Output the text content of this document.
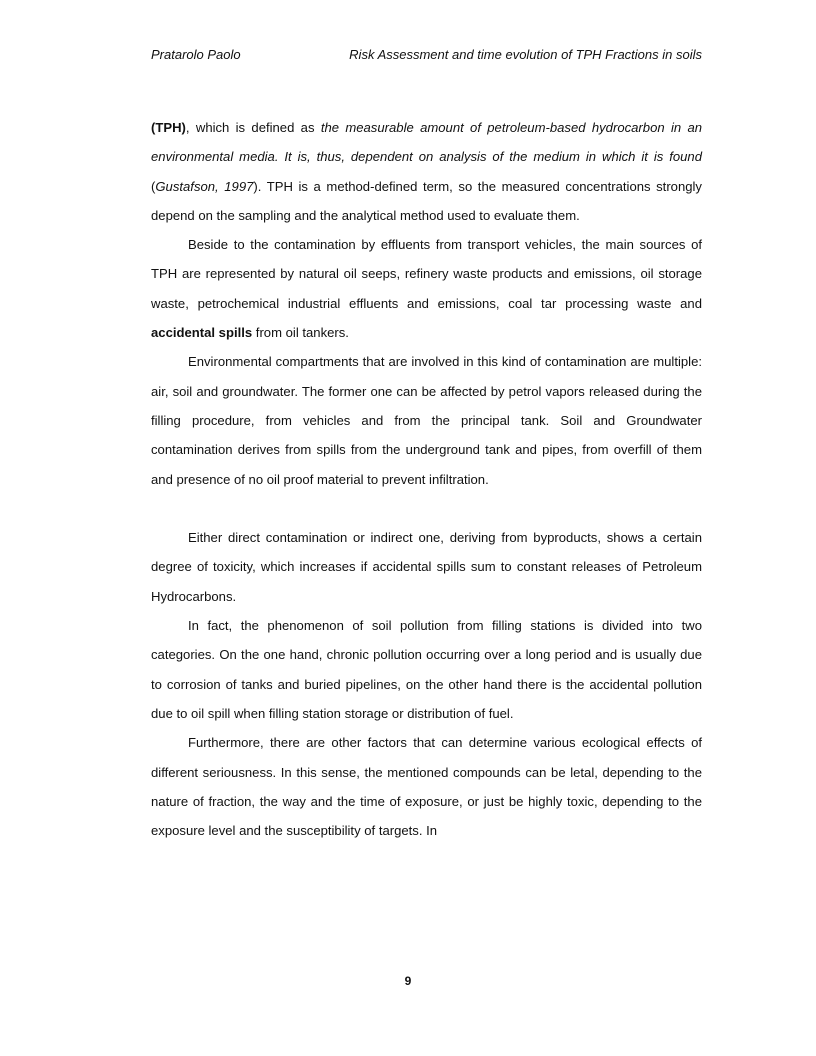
Pratarolo Paolo	Risk Assessment and time evolution of TPH Fractions in soils

(TPH), which is defined as the measurable amount of petroleum-based hydrocarbon in an environmental media. It is, thus, dependent on analysis of the medium in which it is found (Gustafson, 1997). TPH is a method-defined term, so the measured concentrations strongly depend on the sampling and the analytical method used to evaluate them.

Beside to the contamination by effluents from transport vehicles, the main sources of TPH are represented by natural oil seeps, refinery waste products and emissions, oil storage waste, petrochemical industrial effluents and emissions, coal tar processing waste and accidental spills from oil tankers.

Environmental compartments that are involved in this kind of contamination are multiple: air, soil and groundwater. The former one can be affected by petrol vapors released during the filling procedure, from vehicles and from the principal tank. Soil and Groundwater contamination derives from spills from the underground tank and pipes, from overfill of them and presence of no oil proof material to prevent infiltration.

Either direct contamination or indirect one, deriving from byproducts, shows a certain degree of toxicity, which increases if accidental spills sum to constant releases of Petroleum Hydrocarbons.

In fact, the phenomenon of soil pollution from filling stations is divided into two categories. On the one hand, chronic pollution occurring over a long period and is usually due to corrosion of tanks and buried pipelines, on the other hand there is the accidental pollution due to oil spill when filling station storage or distribution of fuel.

Furthermore, there are other factors that can determine various ecological effects of different seriousness. In this sense, the mentioned compounds can be letal, depending to the nature of fraction, the way and the time of exposure, or just be highly toxic, depending to the exposure level and the susceptibility of targets. In

9
